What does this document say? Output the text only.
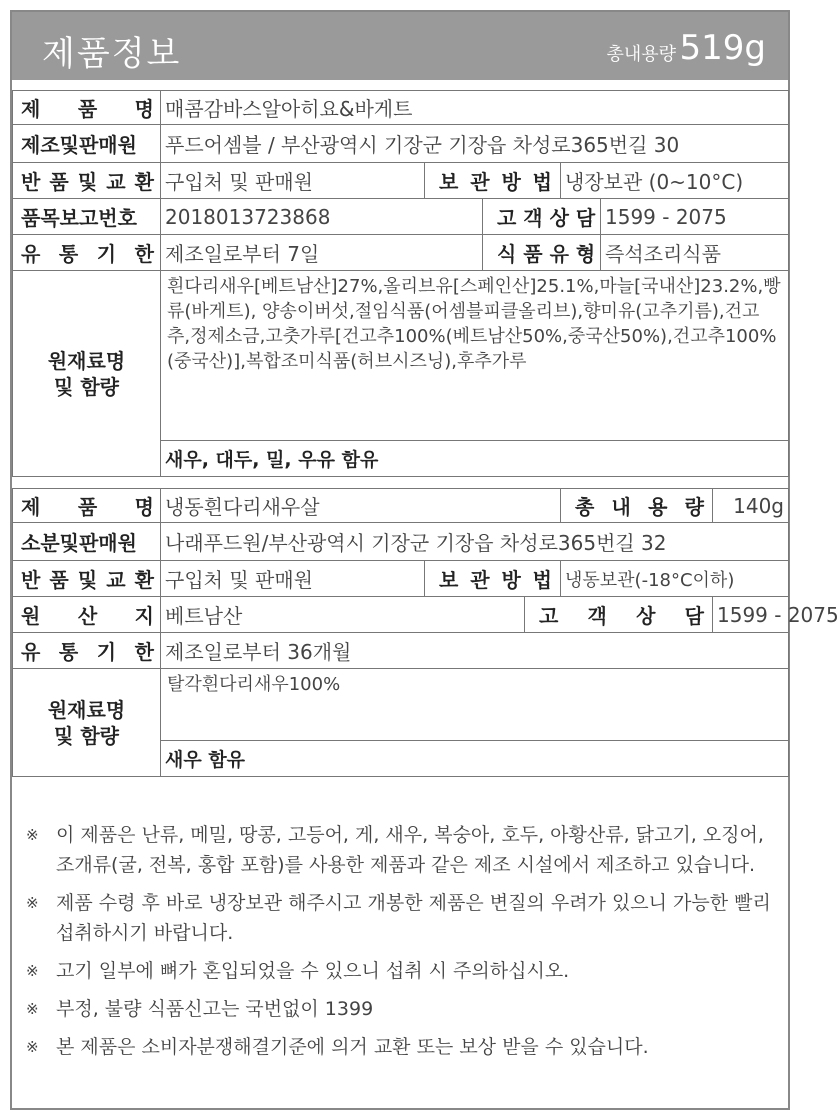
제품정보	총내용량 519g
제 품 명	매콤감바스알아히요&바게트				
제조및판매원	푸드어셈블 / 부산광역시 기장군 기장읍 차성로365번길 30				
반 품 및 교 환	구입처 및 판매원	보 관 방 법		냉장보관 (0~10°C)	
품목보고번호	2018013723868		고 객 상 담		1599 - 2075
유 통 기 한	제조일로부터 7일		식 품 유 형		즉석조리식품
원재료명
및 함량	흰다리새우[베트남산]27%,올리브유[스페인산]25.1%,마늘[국내산]23.2%,빵류(바게트), 양송이버섯,절임식품(어셈블피클올리브),향미유(고추기름),건고추,정제소금,고춧가루[건고추100%(베트남산50%,중국산50%),건고추100%(중국산)],복합조미식품(허브시즈닝),후추가루				
	새우, 대두, 밀, 우유 함유				
제 품 명	냉동흰다리새우살			총 내 용 량	140g
소분및판매원	나래푸드원/부산광역시 기장군 기장읍 차성로365번길 32				
반 품 및 교 환	구입처 및 판매원	보 관 방 법		냉동보관(-18°C이하)	
원 산 지	베트남산		고 객 상 담		1599 - 2075
유 통 기 한	제조일로부터 36개월				
원재료명
및 함량	탈각흰다리새우100%				
	새우 함유				
※ 이 제품은 난류, 메밀, 땅콩, 고등어, 게, 새우, 복숭아, 호두, 아황산류, 닭고기, 오징어, 조개류(굴, 전복, 홍합 포함)를 사용한 제품과 같은 제조 시설에서 제조하고 있습니다.
※ 제품 수령 후 바로 냉장보관 해주시고 개봉한 제품은 변질의 우려가 있으니 가능한 빨리 섭취하시기 바랍니다.
※ 고기 일부에 뼈가 혼입되었을 수 있으니 섭취 시 주의하십시오.
※ 부정, 불량 식품신고는 국번없이 1399
※ 본 제품은 소비자분쟁해결기준에 의거 교환 또는 보상 받을 수 있습니다.
